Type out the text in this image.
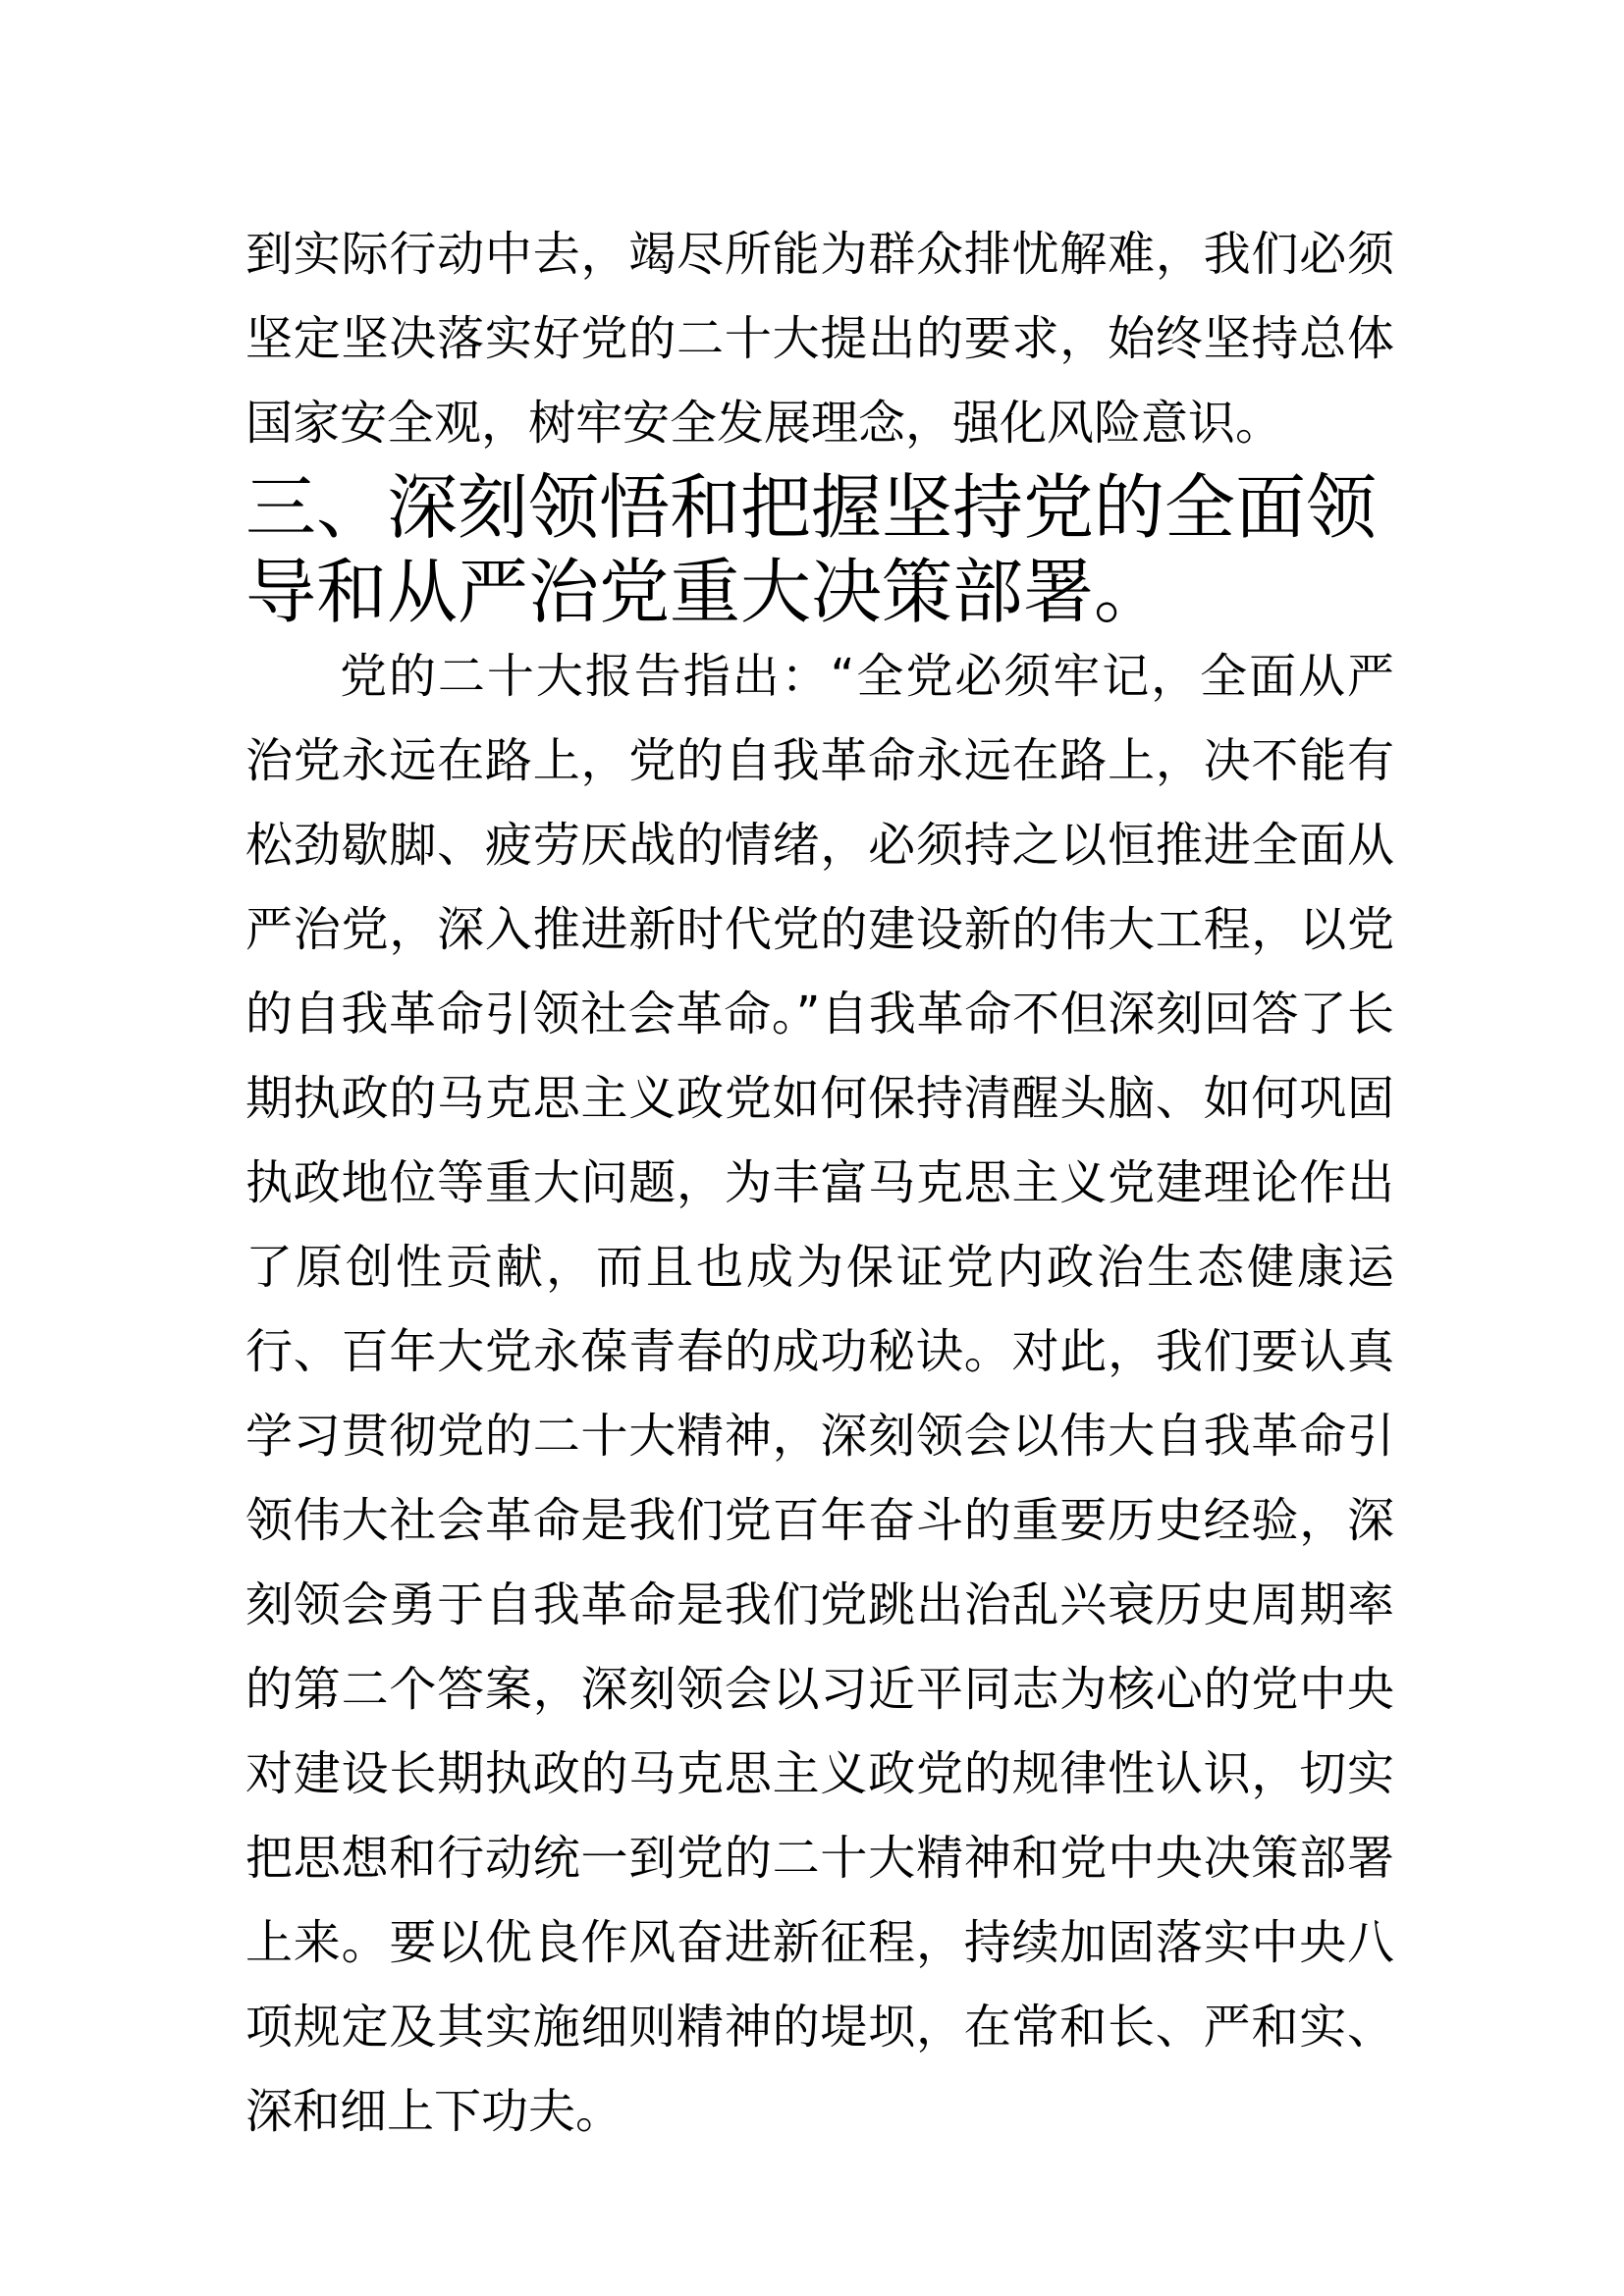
到实际行动中去，竭尽所能为群众排忧解难，我们必须坚定坚决落实好党的二十大提出的要求，始终坚持总体国家安全观，树牢安全发展理念，强化风险意识。

三、深刻领悟和把握坚持党的全面领导和从严治党重大决策部署。

党的二十大报告指出：“全党必须牢记，全面从严治党永远在路上，党的自我革命永远在路上，决不能有松劲歇脚、疲劳厌战的情绪，必须持之以恒推进全面从严治党，深入推进新时代党的建设新的伟大工程，以党的自我革命引领社会革命。”自我革命不但深刻回答了长期执政的马克思主义政党如何保持清醒头脑、如何巩固执政地位等重大问题，为丰富马克思主义党建理论作出了原创性贡献，而且也成为保证党内政治生态健康运行、百年大党永葆青春的成功秘诀。对此，我们要认真学习贯彻党的二十大精神，深刻领会以伟大自我革命引领伟大社会革命是我们党百年奋斗的重要历史经验，深刻领会勇于自我革命是我们党跳出治乱兴衰历史周期率的第二个答案，深刻领会以习近平同志为核心的党中央对建设长期执政的马克思主义政党的规律性认识，切实把思想和行动统一到党的二十大精神和党中央决策部署上来。要以优良作风奋进新征程，持续加固落实中央八项规定及其实施细则精神的堤坝，在常和长、严和实、深和细上下功夫。
